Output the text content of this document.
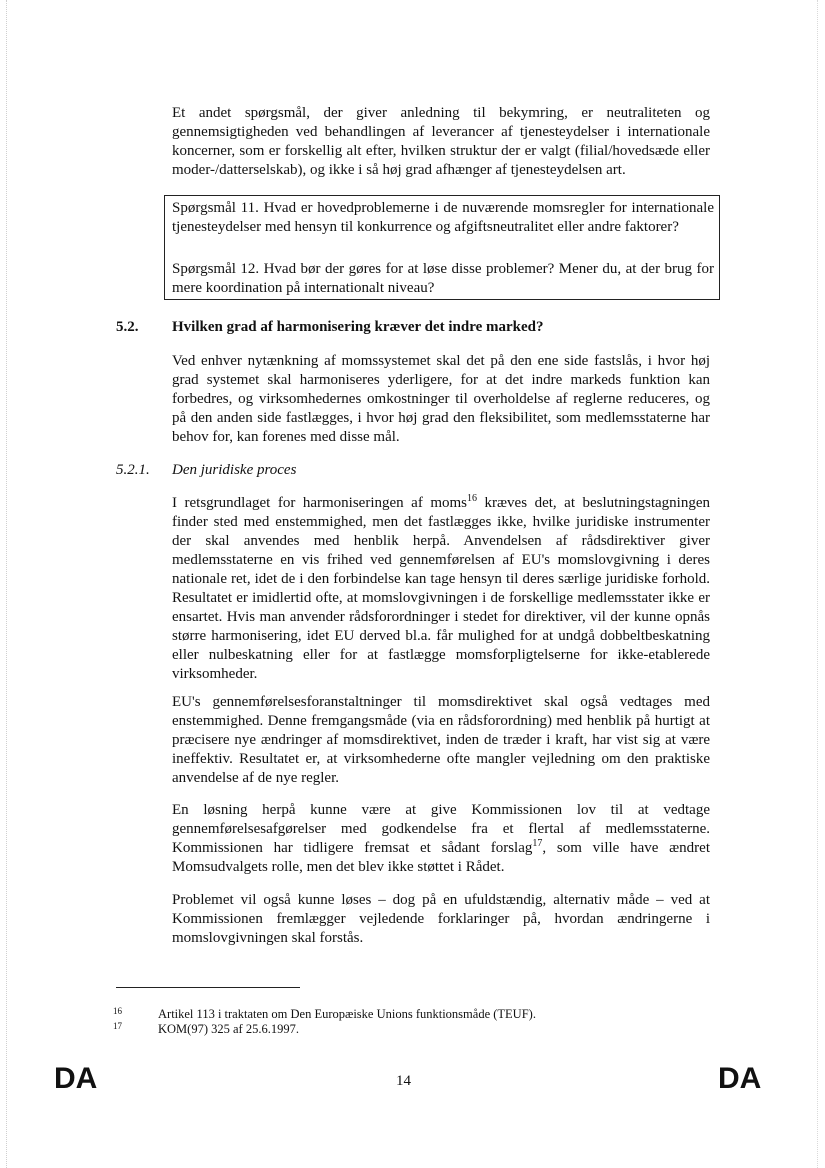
Et andet spørgsmål, der giver anledning til bekymring, er neutraliteten og gennemsigtigheden ved behandlingen af leverancer af tjenesteydelser i internationale koncerner, som er forskellig alt efter, hvilken struktur der er valgt (filial/hovedsæde eller moder-/datterselskab), og ikke i så høj grad afhænger af tjenesteydelsen art.

Spørgsmål 11. Hvad er hovedproblemerne i de nuværende momsregler for internationale tjenesteydelser med hensyn til konkurrence og afgiftsneutralitet eller andre faktorer?

Spørgsmål 12. Hvad bør der gøres for at løse disse problemer? Mener du, at der brug for mere koordination på internationalt niveau?

5.2. Hvilken grad af harmonisering kræver det indre marked?

Ved enhver nytænkning af momssystemet skal det på den ene side fastslås, i hvor høj grad systemet skal harmoniseres yderligere, for at det indre markeds funktion kan forbedres, og virksomhedernes omkostninger til overholdelse af reglerne reduceres, og på den anden side fastlægges, i hvor høj grad den fleksibilitet, som medlemsstaterne har behov for, kan forenes med disse mål.

5.2.1. Den juridiske proces

I retsgrundlaget for harmoniseringen af moms$^{16}$ kræves det, at beslutningstagningen finder sted med enstemmighed, men det fastlægges ikke, hvilke juridiske instrumenter der skal anvendes med henblik herpå. Anvendelsen af rådsdirektiver giver medlemsstaterne en vis frihed ved gennemførelsen af EU's momslovgivning i deres nationale ret, idet de i den forbindelse kan tage hensyn til deres særlige juridiske forhold. Resultatet er imidlertid ofte, at momslovgivningen i de forskellige medlemsstater ikke er ensartet. Hvis man anvender rådsforordninger i stedet for direktiver, vil der kunne opnås større harmonisering, idet EU derved bl.a. får mulighed for at undgå dobbeltbeskatning eller nulbeskatning eller for at fastlægge momsforpligtelserne for ikke-etablerede virksomheder.

EU's gennemførelsesforanstaltninger til momsdirektivet skal også vedtages med enstemmighed. Denne fremgangsmåde (via en rådsforordning) med henblik på hurtigt at præcisere nye ændringer af momsdirektivet, inden de træder i kraft, har vist sig at være ineffektiv. Resultatet er, at virksomhederne ofte mangler vejledning om den praktiske anvendelse af de nye regler.

En løsning herpå kunne være at give Kommissionen lov til at vedtage gennemførelsesafgørelser med godkendelse fra et flertal af medlemsstaterne. Kommissionen har tidligere fremsat et sådant forslag$^{17}$, som ville have ændret Momsudvalgets rolle, men det blev ikke støttet i Rådet.

Problemet vil også kunne løses – dog på en ufuldstændig, alternativ måde – ved at Kommissionen fremlægger vejledende forklaringer på, hvordan ændringerne i momslovgivningen skal forstås.

16	Artikel 113 i traktaten om Den Europæiske Unions funktionsmåde (TEUF).
17	KOM(97) 325 af 25.6.1997.
DA	14	DA
